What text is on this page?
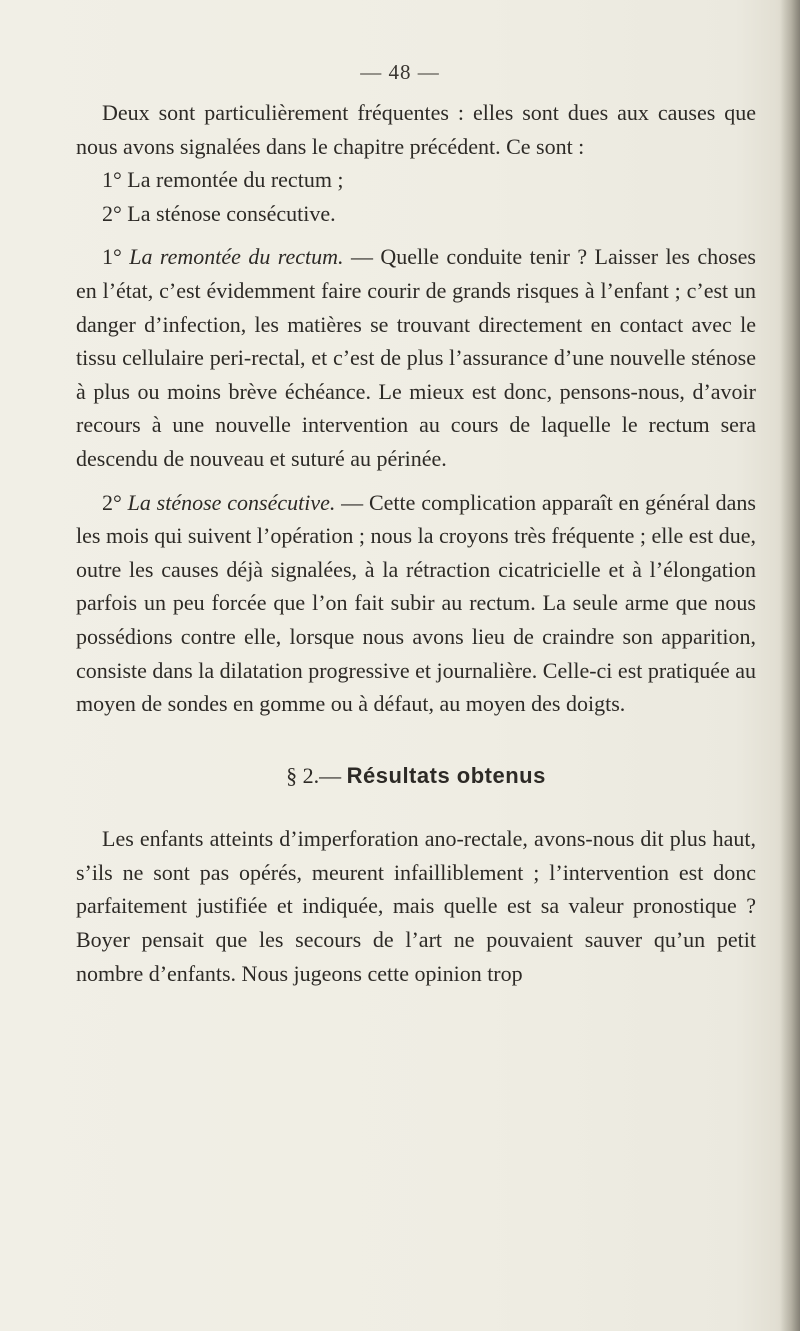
— 48 —

Deux sont particulièrement fréquentes : elles sont dues aux causes que nous avons signalées dans le chapitre précédent. Ce sont :

1° La remontée du rectum ;

2° La sténose consécutive.

1° La remontée du rectum. — Quelle conduite tenir ? Laisser les choses en l’état, c’est évidemment faire courir de grands risques à l’enfant ; c’est un danger d’infection, les matières se trouvant directement en contact avec le tissu cellulaire peri-rectal, et c’est de plus l’assurance d’une nouvelle sténose à plus ou moins brève échéance. Le mieux est donc, pensons-nous, d’avoir recours à une nouvelle intervention au cours de laquelle le rectum sera descendu de nouveau et suturé au périnée.

2° La sténose consécutive. — Cette complication apparaît en général dans les mois qui suivent l’opération ; nous la croyons très fréquente ; elle est due, outre les causes déjà signalées, à la rétraction cicatricielle et à l’élongation parfois un peu forcée que l’on fait subir au rectum. La seule arme que nous possédions contre elle, lorsque nous avons lieu de craindre son apparition, consiste dans la dilatation progressive et journalière. Celle-ci est pratiquée au moyen de sondes en gomme ou à défaut, au moyen des doigts.

§ 2.— Résultats obtenus

Les enfants atteints d’imperforation ano-rectale, avons-nous dit plus haut, s’ils ne sont pas opérés, meurent infailliblement ; l’intervention est donc parfaitement justifiée et indiquée, mais quelle est sa valeur pronostique ? Boyer pensait que les secours de l’art ne pouvaient sauver qu’un petit nombre d’enfants. Nous jugeons cette opinion trop
